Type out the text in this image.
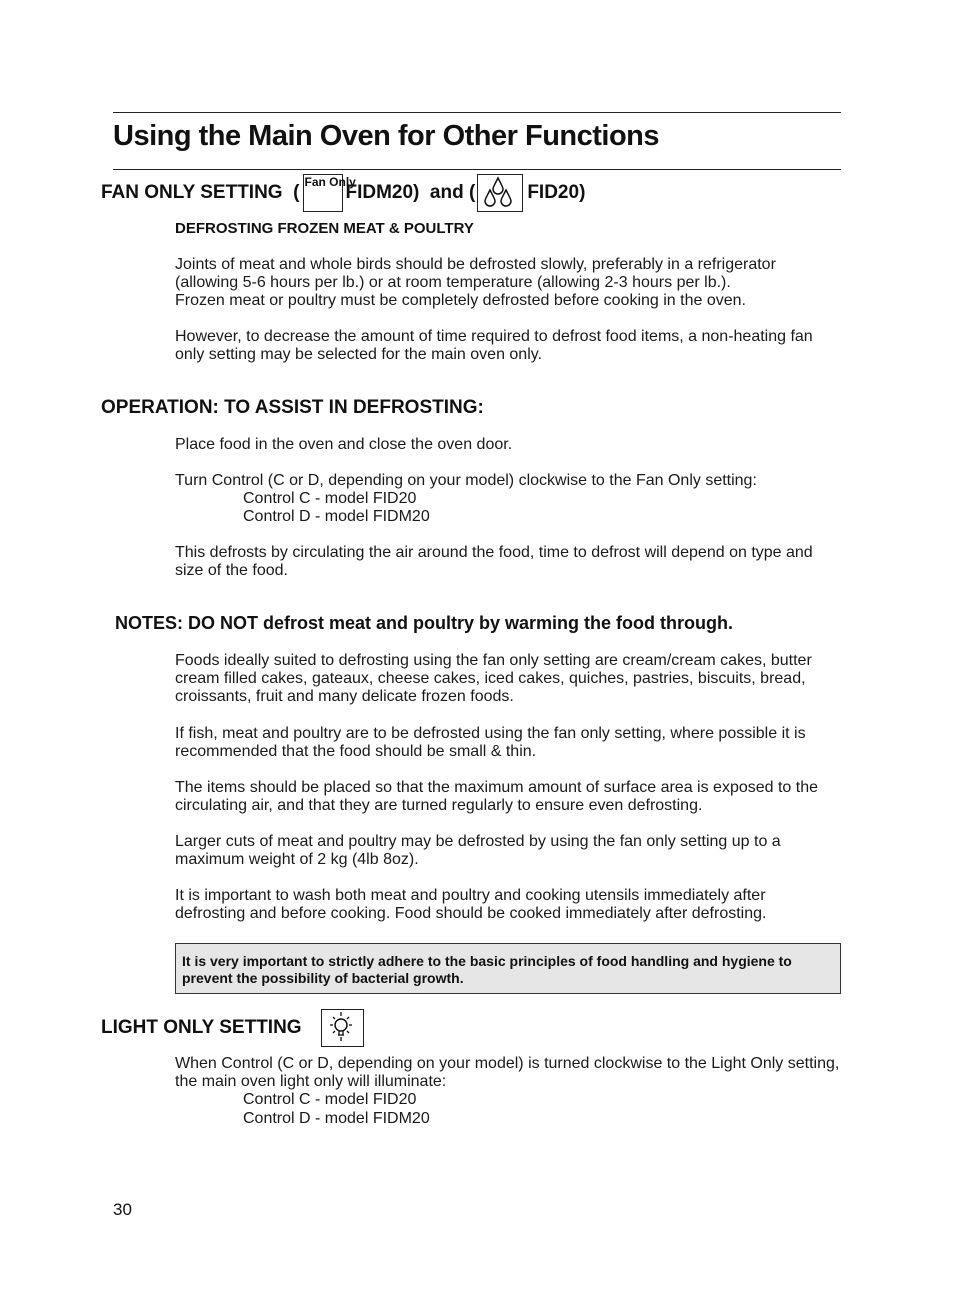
Using the Main Oven for Other Functions
FAN ONLY SETTING  ( Fan Only
FIDM20)  and (	FID20)
DEFROSTING FROZEN MEAT & POULTRY

Joints of meat and whole birds should be defrosted slowly, preferably in a refrigerator (allowing 5-6 hours per lb.) or at room temperature (allowing 2-3 hours per lb.).
Frozen meat or poultry must be completely defrosted before cooking in the oven.

However, to decrease the amount of time required to defrost food items, a non-heating fan only setting may be selected for the main oven only.

OPERATION: TO ASSIST IN DEFROSTING:

Place food in the oven and close the oven door.

Turn Control (C or D, depending on your model) clockwise to the Fan Only setting:
Control C - model FID20
Control D - model FIDM20

This defrosts by circulating the air around the food, time to defrost will depend on type and size of the food.

NOTES: DO NOT defrost meat and poultry by warming the food through.

Foods ideally suited to defrosting using the fan only setting are cream/cream cakes, butter cream filled cakes, gateaux, cheese cakes, iced cakes, quiches, pastries, biscuits, bread, croissants, fruit and many delicate frozen foods.

If fish, meat and poultry are to be defrosted using the fan only setting, where possible it is recommended that the food should be small & thin.

The items should be placed so that the maximum amount of surface area is exposed to the circulating air, and that they are turned regularly to ensure even defrosting.

Larger cuts of meat and poultry may be defrosted by using the fan only setting up to a maximum weight of 2 kg (4lb 8oz).

It is important to wash both meat and poultry and cooking utensils immediately after defrosting and before cooking. Food should be cooked immediately after defrosting.

It is very important to strictly adhere to the basic principles of food handling and hygiene to prevent the possibility of bacterial growth.
LIGHT ONLY SETTING

When Control (C or D, depending on your model) is turned clockwise to the Light Only setting, the main oven light only will illuminate:
Control C - model FID20
Control D - model FIDM20

30
